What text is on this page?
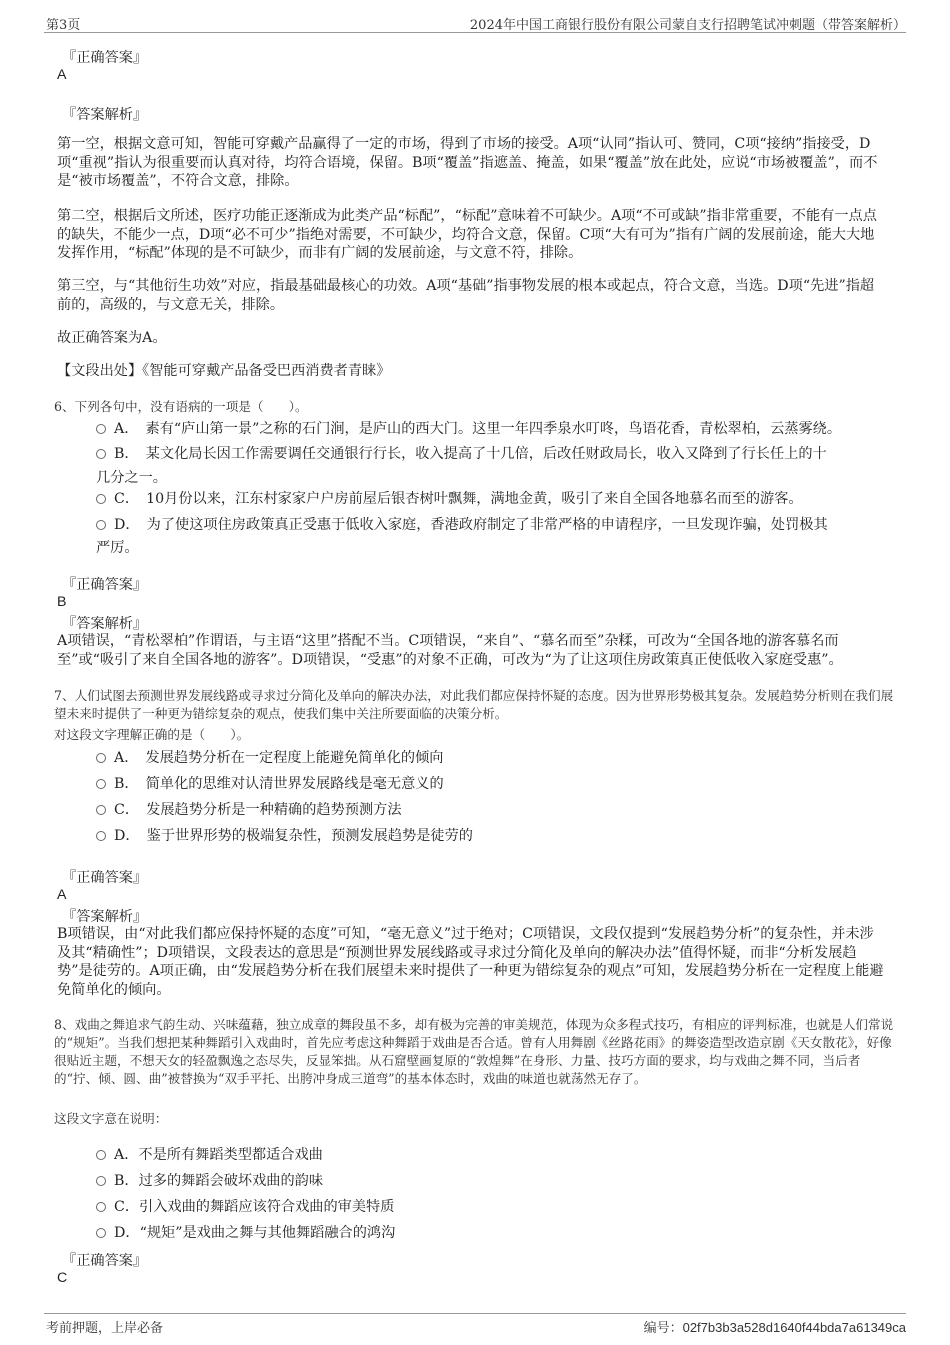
第3页	2024年中国工商银行股份有限公司蒙自支行招聘笔试冲刺题（带答案解析）
『正确答案』
A
『答案解析』
第一空，根据文意可知，智能可穿戴产品赢得了一定的市场，得到了市场的接受。A项“认同”指认可、赞同，C项“接纳”指接受，D项“重视”指认为很重要而认真对待，均符合语境，保留。B项“覆盖”指遮盖、掩盖，如果“覆盖”放在此处，应说“市场被覆盖”，而不是“被市场覆盖”，不符合文意，排除。
第二空，根据后文所述，医疗功能正逐渐成为此类产品“标配”，“标配”意味着不可缺少。A项“不可或缺”指非常重要，不能有一点点的缺失，不能少一点，D项“必不可少”指绝对需要，不可缺少，均符合文意，保留。C项“大有可为”指有广阔的发展前途，能大大地发挥作用，“标配”体现的是不可缺少，而非有广阔的发展前途，与文意不符，排除。
第三空，与“其他衍生功效”对应，指最基础最核心的功效。A项“基础”指事物发展的根本或起点，符合文意，当选。D项“先进”指超前的，高级的，与文意无关，排除。
故正确答案为A。
【文段出处】《智能可穿戴产品备受巴西消费者青睐》
6、下列各句中，没有语病的一项是（　　）。
A．　素有“庐山第一景”之称的石门涧，是庐山的西大门。这里一年四季泉水叮咚，鸟语花香，青松翠柏，云蒸雾绕。
B．　某文化局长因工作需要调任交通银行行长，收入提高了十几倍，后改任财政局长，收入又降到了行长任上的十
几分之一。
C．　10月份以来，江东村家家户户房前屋后银杏树叶飘舞，满地金黄，吸引了来自全国各地慕名而至的游客。
D．　为了使这项住房政策真正受惠于低收入家庭，香港政府制定了非常严格的申请程序，一旦发现诈骗，处罚极其
严厉。
『正确答案』
B
『答案解析』
A项错误，“青松翠柏”作谓语，与主语“这里”搭配不当。C项错误，“来自”、“慕名而至”杂糅，可改为“全国各地的游客慕名而至”或“吸引了来自全国各地的游客”。D项错误，“受惠”的对象不正确，可改为“为了让这项住房政策真正使低收入家庭受惠”。
7、人们试图去预测世界发展线路或寻求过分简化及单向的解决办法，对此我们都应保持怀疑的态度。因为世界形势极其复杂。发展趋势分析则在我们展望未来时提供了一种更为错综复杂的观点，使我们集中关注所要面临的决策分析。
对这段文字理解正确的是（　　）。
A．　发展趋势分析在一定程度上能避免简单化的倾向
B．　简单化的思维对认清世界发展路线是毫无意义的
C．　发展趋势分析是一种精确的趋势预测方法
D．　鉴于世界形势的极端复杂性，预测发展趋势是徒劳的
『正确答案』
A
『答案解析』
B项错误，由“对此我们都应保持怀疑的态度”可知，“毫无意义”过于绝对；C项错误，文段仅提到“发展趋势分析”的复杂性，并未涉及其“精确性”；D项错误，文段表达的意思是“预测世界发展线路或寻求过分简化及单向的解决办法”值得怀疑，而非“分析发展趋势”是徒劳的。A项正确，由“发展趋势分析在我们展望未来时提供了一种更为错综复杂的观点”可知，发展趋势分析在一定程度上能避免简单化的倾向。
8、戏曲之舞追求气韵生动、兴味蕴藉，独立成章的舞段虽不多，却有极为完善的审美规范，体现为众多程式技巧，有相应的评判标准，也就是人们常说的“规矩”。当我们想把某种舞蹈引入戏曲时，首先应考虑这种舞蹈于戏曲是否合适。曾有人用舞剧《丝路花雨》的舞姿造型改造京剧《天女散花》，好像很贴近主题，不想天女的轻盈飘逸之态尽失，反显笨拙。从石窟壁画复原的“敦煌舞”在身形、力量、技巧方面的要求，均与戏曲之舞不同，当后者的“拧、倾、圆、曲”被替换为“双手平托、出胯冲身成三道弯”的基本体态时，戏曲的味道也就荡然无存了。
这段文字意在说明：
A．不是所有舞蹈类型都适合戏曲
B．过多的舞蹈会破坏戏曲的韵味
C．引入戏曲的舞蹈应该符合戏曲的审美特质
D．“规矩”是戏曲之舞与其他舞蹈融合的鸿沟
『正确答案』
C
考前押题，上岸必备	编号：02f7b3b3a528d1640f44bda7a61349ca
